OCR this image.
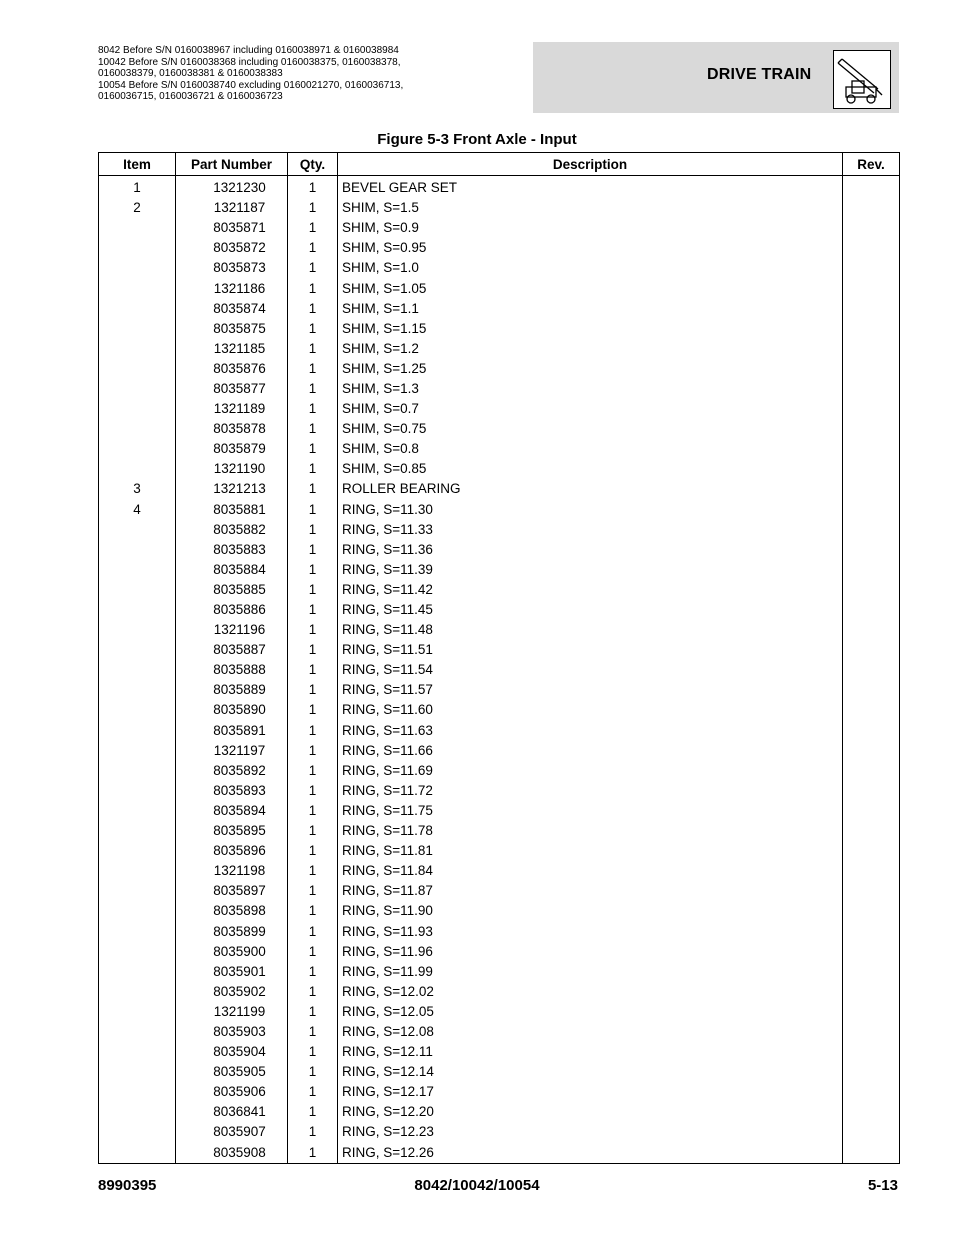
8042 Before S/N 0160038967 including 0160038971 & 0160038984
10042 Before S/N 0160038368 including 0160038375, 0160038378,
0160038379, 0160038381 & 0160038383
10054 Before S/N 0160038740 excluding 0160021270, 0160036713,
0160036715, 0160036721 & 0160036723
DRIVE TRAIN
Figure 5-3 Front Axle - Input
Item	Part Number	Qty.	Description	Rev.
1	1321230	1	BEVEL GEAR SET	
2	1321187	1	SHIM, S=1.5	
	8035871	1	SHIM, S=0.9	
	8035872	1	SHIM, S=0.95	
	8035873	1	SHIM, S=1.0	
	1321186	1	SHIM, S=1.05	
	8035874	1	SHIM, S=1.1	
	8035875	1	SHIM, S=1.15	
	1321185	1	SHIM, S=1.2	
	8035876	1	SHIM, S=1.25	
	8035877	1	SHIM, S=1.3	
	1321189	1	SHIM, S=0.7	
	8035878	1	SHIM, S=0.75	
	8035879	1	SHIM, S=0.8	
	1321190	1	SHIM, S=0.85	
3	1321213	1	ROLLER BEARING	
4	8035881	1	RING, S=11.30	
	8035882	1	RING, S=11.33	
	8035883	1	RING, S=11.36	
	8035884	1	RING, S=11.39	
	8035885	1	RING, S=11.42	
	8035886	1	RING, S=11.45	
	1321196	1	RING, S=11.48	
	8035887	1	RING, S=11.51	
	8035888	1	RING, S=11.54	
	8035889	1	RING, S=11.57	
	8035890	1	RING, S=11.60	
	8035891	1	RING, S=11.63	
	1321197	1	RING, S=11.66	
	8035892	1	RING, S=11.69	
	8035893	1	RING, S=11.72	
	8035894	1	RING, S=11.75	
	8035895	1	RING, S=11.78	
	8035896	1	RING, S=11.81	
	1321198	1	RING, S=11.84	
	8035897	1	RING, S=11.87	
	8035898	1	RING, S=11.90	
	8035899	1	RING, S=11.93	
	8035900	1	RING, S=11.96	
	8035901	1	RING, S=11.99	
	8035902	1	RING, S=12.02	
	1321199	1	RING, S=12.05	
	8035903	1	RING, S=12.08	
	8035904	1	RING, S=12.11	
	8035905	1	RING, S=12.14	
	8035906	1	RING, S=12.17	
	8036841	1	RING, S=12.20	
	8035907	1	RING, S=12.23	
	8035908	1	RING, S=12.26	
8990395	8042/10042/10054	5-13
